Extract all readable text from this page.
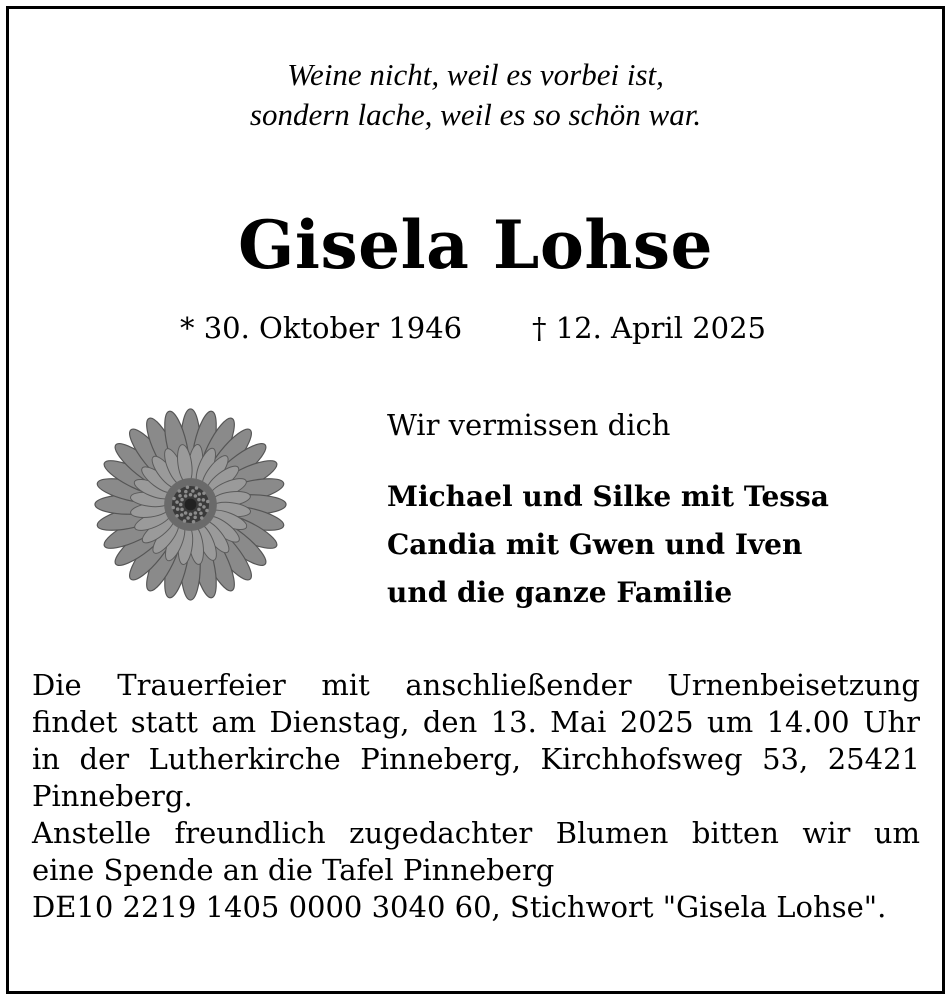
Weine nicht, weil es vorbei ist,
sondern lache, weil es so schön war.
Gisela Lohse
* 30. Oktober 1946 † 12. April 2025
Wir vermissen dich
Michael und Silke mit Tessa
Candia mit Gwen und Iven
und die ganze Familie
Die Trauerfeier mit anschließender Urnenbeisetzung
findet statt am Dienstag, den 13. Mai 2025 um 14.00 Uhr
in der Lutherkirche Pinneberg, Kirchhofsweg 53, 25421
Pinneberg.
Anstelle freundlich zugedachter Blumen bitten wir um
eine Spende an die Tafel Pinneberg
DE10 2219 1405 0000 3040 60, Stichwort "Gisela Lohse".
